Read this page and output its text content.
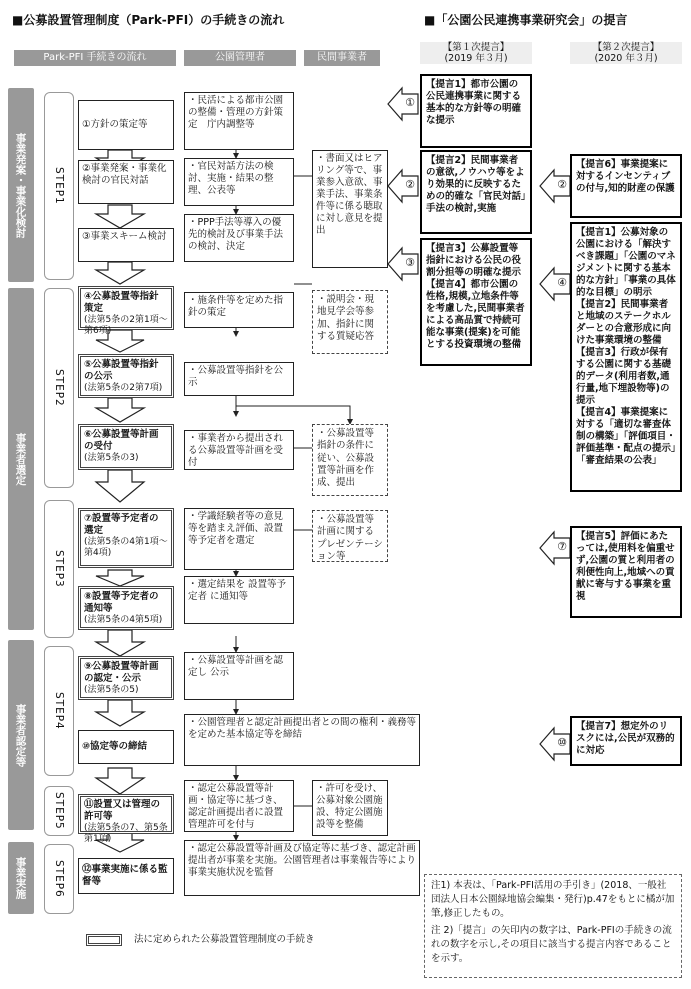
■公募設置管理制度（Park-PFI）の手続きの流れ	■「公園公民連携事業研究会」の提言
Park-PFI 手続きの流れ	公園管理者	民間事業者
【第１次提言】
(2019 年３月)
【第２次提言】
(2020 年３月)
事業発案・事業化検討
事業者選定
事業者認定等
事業実施
STEP1
STEP2
STEP3
STEP4
STEP5
STEP6
①方針の策定等
②事業発案・事業化検討の官民対話
③事業スキーム検討
④公募設置等指針策定
(法第5条の2第1項～第6項)
⑤公募設置等指針の公示
(法第5条の2第7項)
⑥公募設置等計画の受付
(法第5条の3)
⑦設置等予定者の選定
(法第5条の4第1項～第4項)
⑧設置等予定者の通知等
(法第5条の4第5項)
⑨公募設置等計画の認定・公示
(法第5条の5)
⑩協定等の締結
⑪設置又は管理の許可等
(法第5条の7、第5条第1項)
⑫事業実施に係る監督等
・民活による都市公園の整備・管理の方針策定　庁内調整等
・官民対話方法の検討、実施・結果の整理、公表等
・PPP手法等導入の優先的検討及び事業手法の検討、決定
・施条件等を定めた指針の策定
・公募設置等指針を公示
・事業者から提出される公募設置等計画を受付
・学識経験者等の意見等を踏まえ評価、設置等予定者を選定
・選定結果を 設置等予定者 に通知等
・公募設置等計画を認定し 公示
・公園管理者と認定計画提出者との間の権利・義務等を定めた基本協定等を締結
・認定公募設置等計画・協定等に基づき、認定計画提出者に設置管理許可を付与
・認定公募設置等計画及び協定等に基づき、認定計画提出者が事業を実施。公園管理者は事業報告等により事業実施状況を監督
・書面又はヒアリング等で、事業参入意欲、事業手法、事業条件等に係る聴取に対し意見を提出
・説明会・現地見学会等参加、指針に関する質疑応答
・公募設置等指針の条件に従い、公募設置等計画を作成、提出
・公募設置等計画に関するプレゼンテーション等
・許可を受け、公募対象公園施設、特定公園施設等を整備
①
②
③
②
④
⑦
⑩
【提言1】都市公園の公民連携事業に関する基本的な方針等の明確な提示
【提言2】民間事業者の意欲,ノウハウ等をより効果的に反映するための的確な「官民対話」手法の検討,実施
【提言3】公募設置等指針における公民の役割分担等の明確な提示
【提言4】都市公園の性格,規模,立地条件等を考慮した,民間事業者による高品質で持続可能な事業(提案)を可能とする投資環境の整備
【提言6】事業提案に対するインセンティブの付与,知的財産の保護
【提言1】公募対象の公園における「解決すべき課題」「公園のマネジメントに関する基本的な方針」「事業の具体的な目標」の明示
【提言2】民間事業者と地域のステークホルダーとの合意形成に向けた事業環境の整備
【提言3】行政が保有する公園に関する基礎的データ(利用者数,通行量,地下埋設物等)の提示
【提言4】事業提案に対する「適切な審査体制の構築」「評価項目・評価基準・配点の提示」「審査結果の公表」
【提言5】評価にあたっては,使用料を偏重せず,公園の質と利用者の利便性向上,地域への貢献に寄与する事業を重視
【提言7】想定外のリスクには,公民が双務的に対応
法に定められた公募設置管理制度の手続き
注1) 本表は、「Park-PFI活用の手引き」(2018、一般社団法人日本公園緑地協会編集・発行)p.47をもとに橘が加筆,修正したもの。
注 2)「提言」の矢印内の数字は、Park-PFIの手続きの流れの数字を示し,その項目に該当する提言内容であることを示す。
